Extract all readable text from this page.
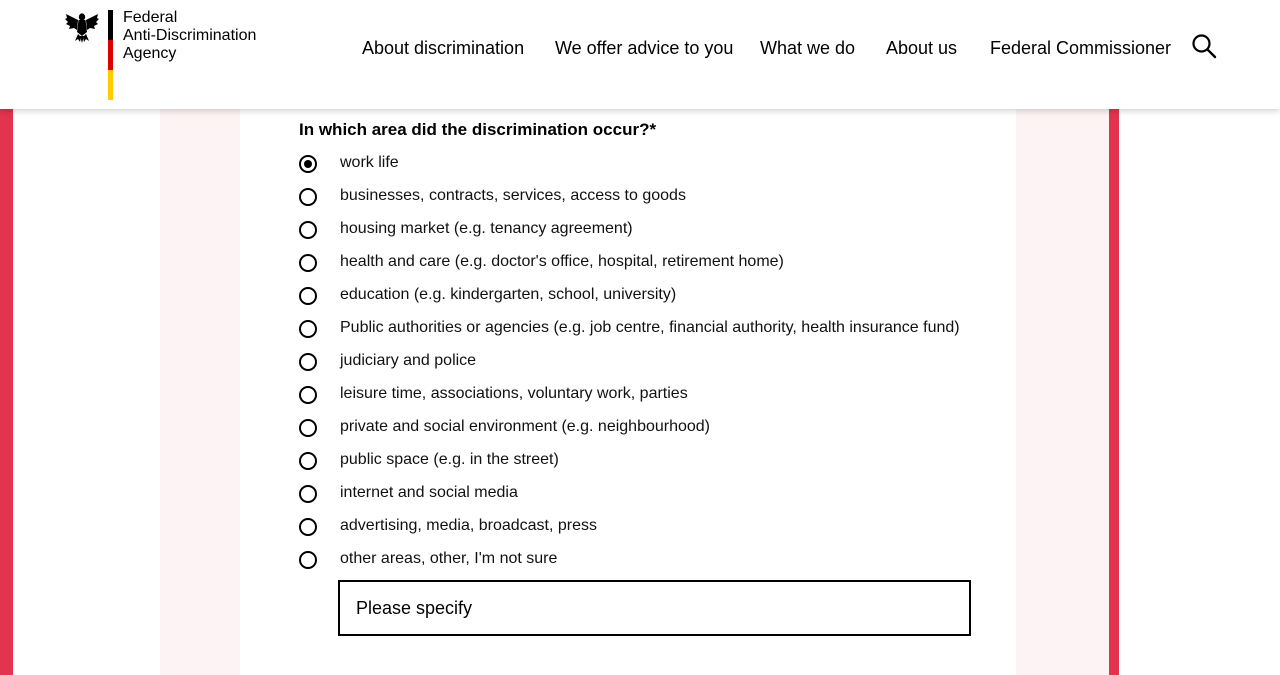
Federal
Anti-Discrimination
Agency	About discrimination We offer advice to you What we do About us Federal Commissioner
In which area did the discrimination occur?*
work life
businesses, contracts, services, access to goods
housing market (e.g. tenancy agreement)
health and care (e.g. doctor's office, hospital, retirement home)
education (e.g. kindergarten, school, university)
Public authorities or agencies (e.g. job centre, financial authority, health insurance fund)
judiciary and police
leisure time, associations, voluntary work, parties
private and social environment (e.g. neighbourhood)
public space (e.g. in the street)
internet and social media
advertising, media, broadcast, press
other areas, other, I'm not sure
Please specify
